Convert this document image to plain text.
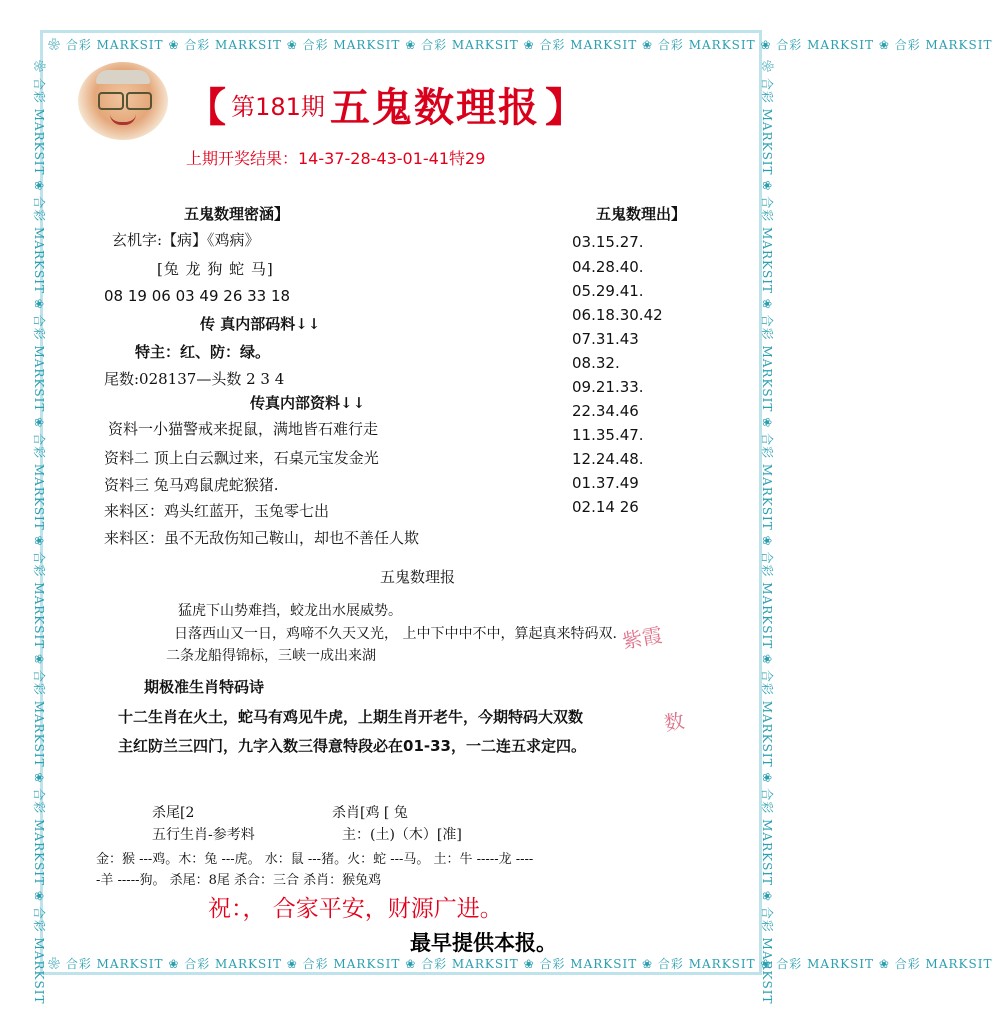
❀ 合彩 MARKSIT ❀ 合彩 MARKSIT ❀ 合彩 MARKSIT ❀ 合彩 MARKSIT ❀ 合彩 MARKSIT ❀ 合彩 MARKSIT ❀ 合彩 MARKSIT ❀ 合彩 MARKSIT
❀ 合彩 MARKSIT ❀ 合彩 MARKSIT ❀ 合彩 MARKSIT ❀ 合彩 MARKSIT ❀ 合彩 MARKSIT ❀ 合彩 MARKSIT ❀ 合彩 MARKSIT ❀ 合彩 MARKSIT
❀ 合彩 MARKSIT ❀ 合彩 MARKSIT ❀ 合彩 MARKSIT ❀ 合彩 MARKSIT ❀ 合彩 MARKSIT ❀ 合彩 MARKSIT ❀ 合彩 MARKSIT ❀ 合彩 MARKSIT	❀ 合彩 MARKSIT ❀ 合彩 MARKSIT ❀ 合彩 MARKSIT ❀ 合彩 MARKSIT ❀ 合彩 MARKSIT ❀ 合彩 MARKSIT ❀ 合彩 MARKSIT ❀ 合彩 MARKSIT
【 第181期 五鬼数理报 】
上期开奖结果：14-37-28-43-01-41特29
五鬼数理密涵】
玄机字:【病】《鸡病》
[兔 龙 狗 蛇 马]
08 19 06 03 49 26 33 18
传 真内部码料↓↓
特主：红、防：绿。
尾数:028137—头数 2 3 4
传真内部资料↓↓
资料一小猫警戒来捉鼠，满地皆石难行走
资料二 顶上白云飘过来，石桌元宝发金光
资料三 兔马鸡鼠虎蛇猴猪.
来料区：鸡头红蓝开，玉兔零七出
来料区：虽不无敌伤知己鞍山，却也不善任人欺
五鬼数理出】
03.15.27.
04.28.40.
05.29.41.
06.18.30.42
07.31.43
08.32.
09.21.33.
22.34.46
11.35.47.
12.24.48.
01.37.49
02.14 26
五鬼数理报
猛虎下山势难挡，蛟龙出水展威势。
日落西山又一日，鸡啼不久天又光， 上中下中中不中，算起真来特码双.
二条龙船得锦标，三峡一成出来湖
紫霞
期极准生肖特码诗
十二生肖在火土，蛇马有鸡见牛虎，上期生肖开老牛，今期特码大双数
主红防兰三四门，九字入数三得意特段必在01-33，一二连五求定四。
数
杀尾[2	杀肖[鸡 [ 兔
五行生肖-参考料	主：(土)（木）[准]
金：猴 ---鸡。木：兔 ---虎。 水：鼠 ---猪。火：蛇 ---马。 土：牛 -----龙 ----
-羊 -----狗。 杀尾：8尾 杀合：三合 杀肖：猴兔鸡
祝：， 合家平安，财源广进。
最早提供本报。
